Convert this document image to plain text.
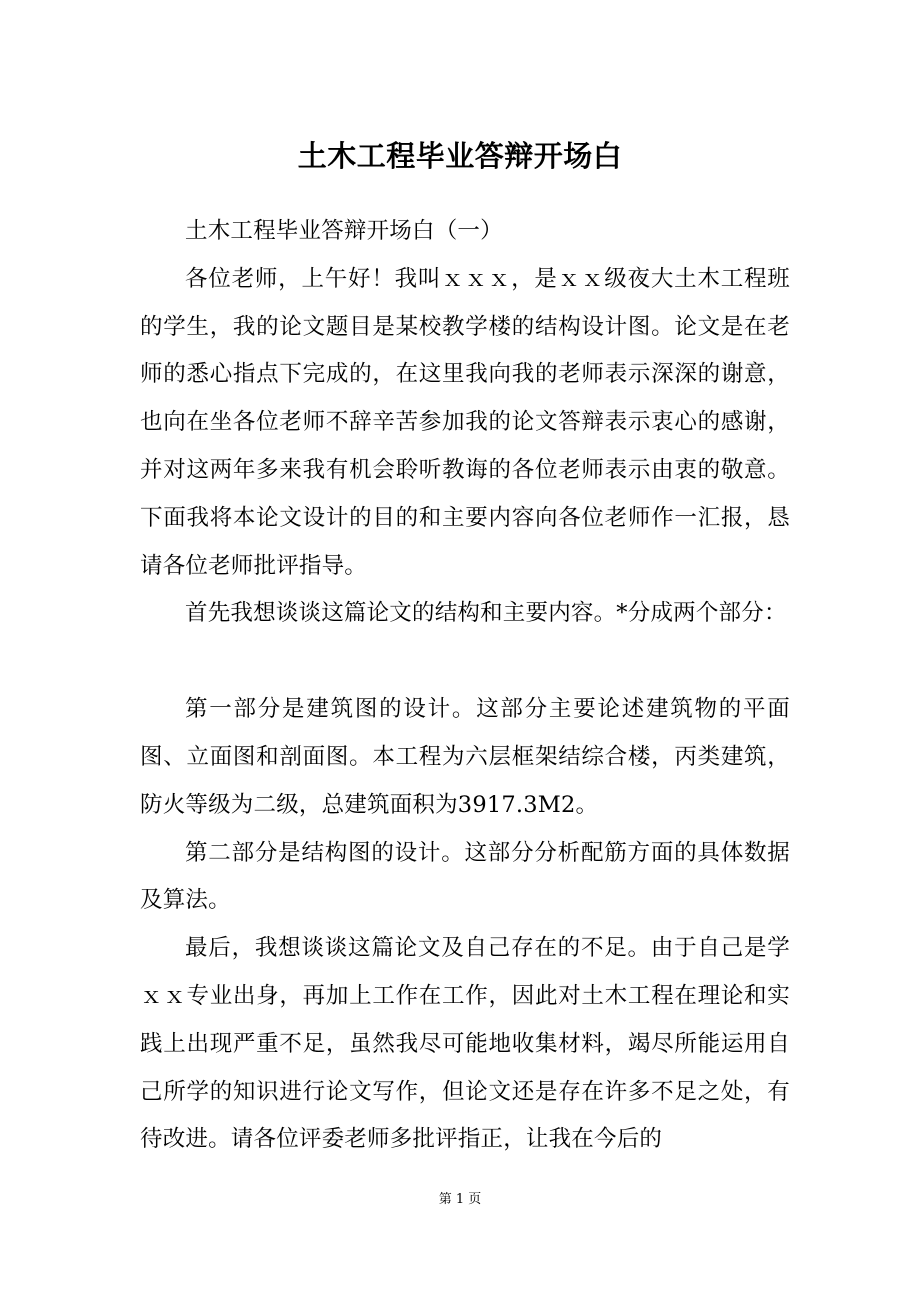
土木工程毕业答辩开场白

土木工程毕业答辩开场白（一）

各位老师，上午好！我叫ｘｘｘ，是ｘｘ级夜大土木工程班的学生，我的论文题目是某校教学楼的结构设计图。论文是在老师的悉心指点下完成的，在这里我向我的老师表示深深的谢意，也向在坐各位老师不辞辛苦参加我的论文答辩表示衷心的感谢，并对这两年多来我有机会聆听教诲的各位老师表示由衷的敬意。下面我将本论文设计的目的和主要内容向各位老师作一汇报，恳请各位老师批评指导。

首先我想谈谈这篇论文的结构和主要内容。*分成两个部分：

第一部分是建筑图的设计。这部分主要论述建筑物的平面图、立面图和剖面图。本工程为六层框架结综合楼，丙类建筑，防火等级为二级，总建筑面积为3917.3M2。

第二部分是结构图的设计。这部分分析配筋方面的具体数据及算法。

最后，我想谈谈这篇论文及自己存在的不足。由于自己是学ｘｘ专业出身，再加上工作在工作，因此对土木工程在理论和实践上出现严重不足，虽然我尽可能地收集材料，竭尽所能运用自己所学的知识进行论文写作，但论文还是存在许多不足之处，有待改进。请各位评委老师多批评指正，让我在今后的

第 1 页
